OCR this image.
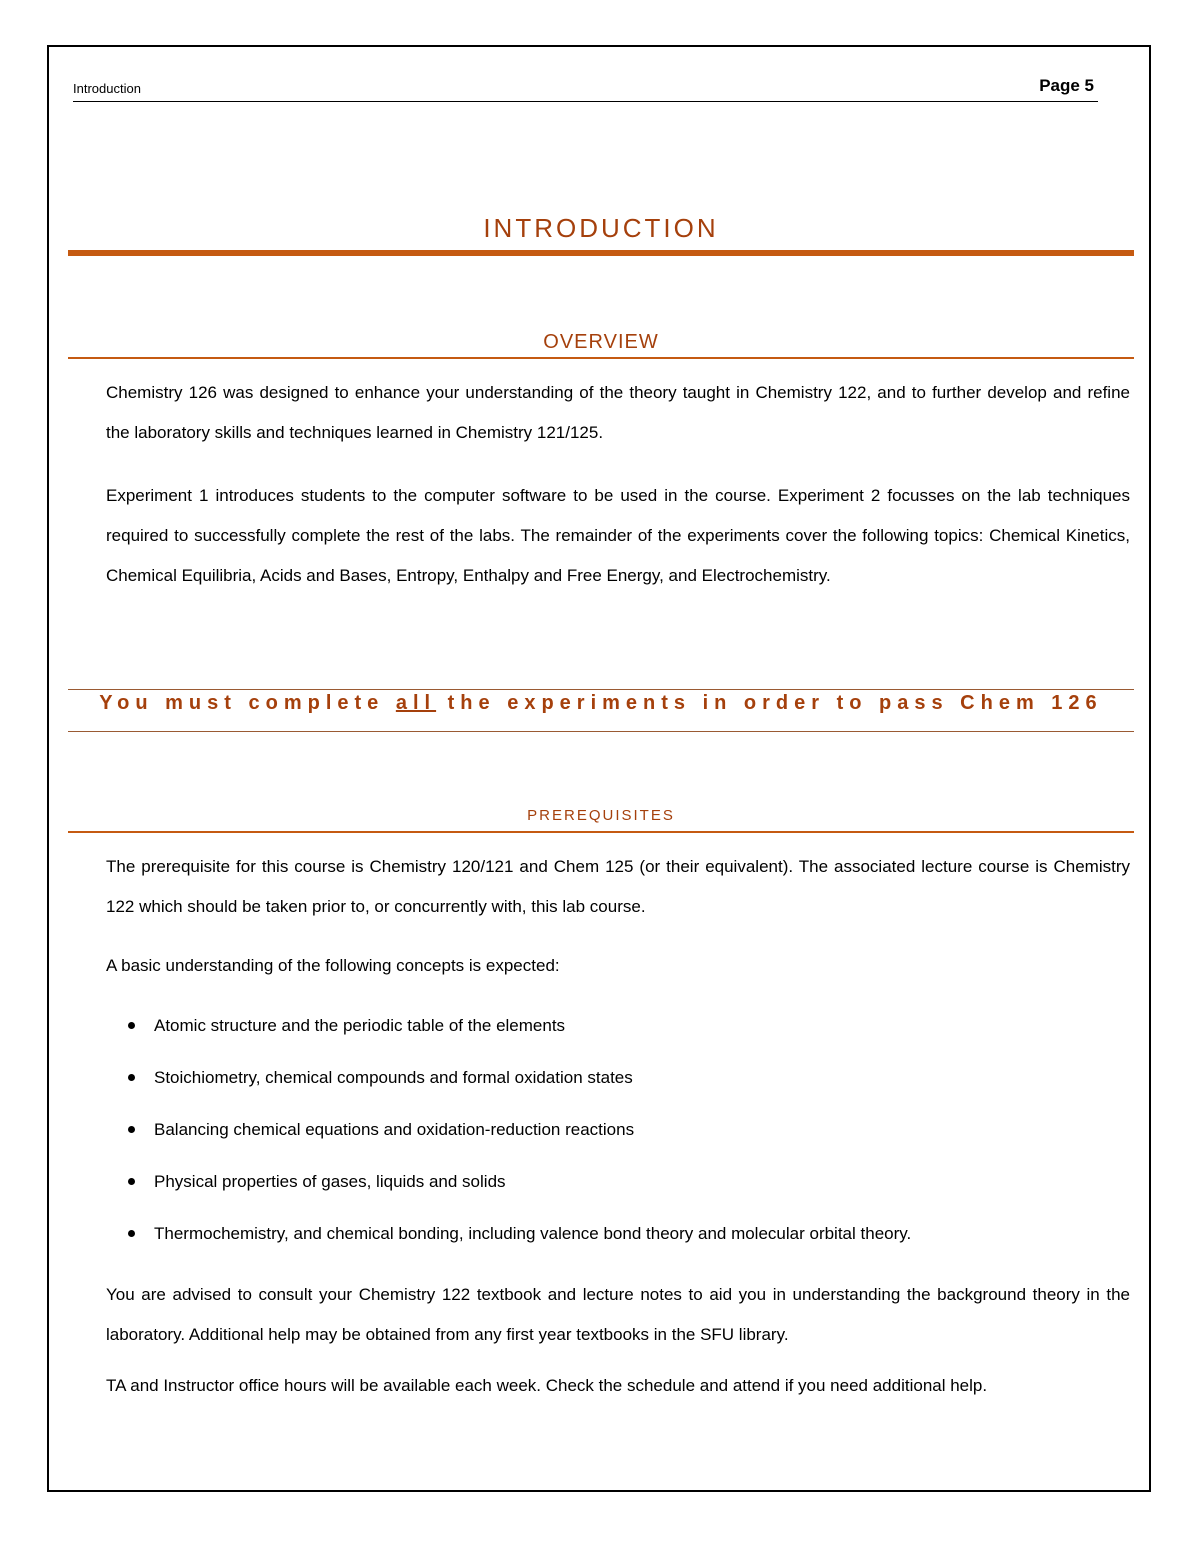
Introduction	Page 5
INTRODUCTION
OVERVIEW

Chemistry 126 was designed to enhance your understanding of the theory taught in Chemistry 122, and to further develop and refine the laboratory skills and techniques learned in Chemistry 121/125.

Experiment 1 introduces students to the computer software to be used in the course. Experiment 2 focusses on the lab techniques required to successfully complete the rest of the labs. The remainder of the experiments cover the following topics: Chemical Kinetics, Chemical Equilibria, Acids and Bases, Entropy, Enthalpy and Free Energy, and Electrochemistry.

You must complete all the experiments in order to pass Chem 126
PREREQUISITES

The prerequisite for this course is Chemistry 120/121 and Chem 125 (or their equivalent). The associated lecture course is Chemistry 122 which should be taken prior to, or concurrently with, this lab course.

A basic understanding of the following concepts is expected:

Atomic structure and the periodic table of the elements
Stoichiometry, chemical compounds and formal oxidation states
Balancing chemical equations and oxidation-reduction reactions
Physical properties of gases, liquids and solids
Thermochemistry, and chemical bonding, including valence bond theory and molecular orbital theory.

You are advised to consult your Chemistry 122 textbook and lecture notes to aid you in understanding the background theory in the laboratory. Additional help may be obtained from any first year textbooks in the SFU library.

TA and Instructor office hours will be available each week. Check the schedule and attend if you need additional help.
